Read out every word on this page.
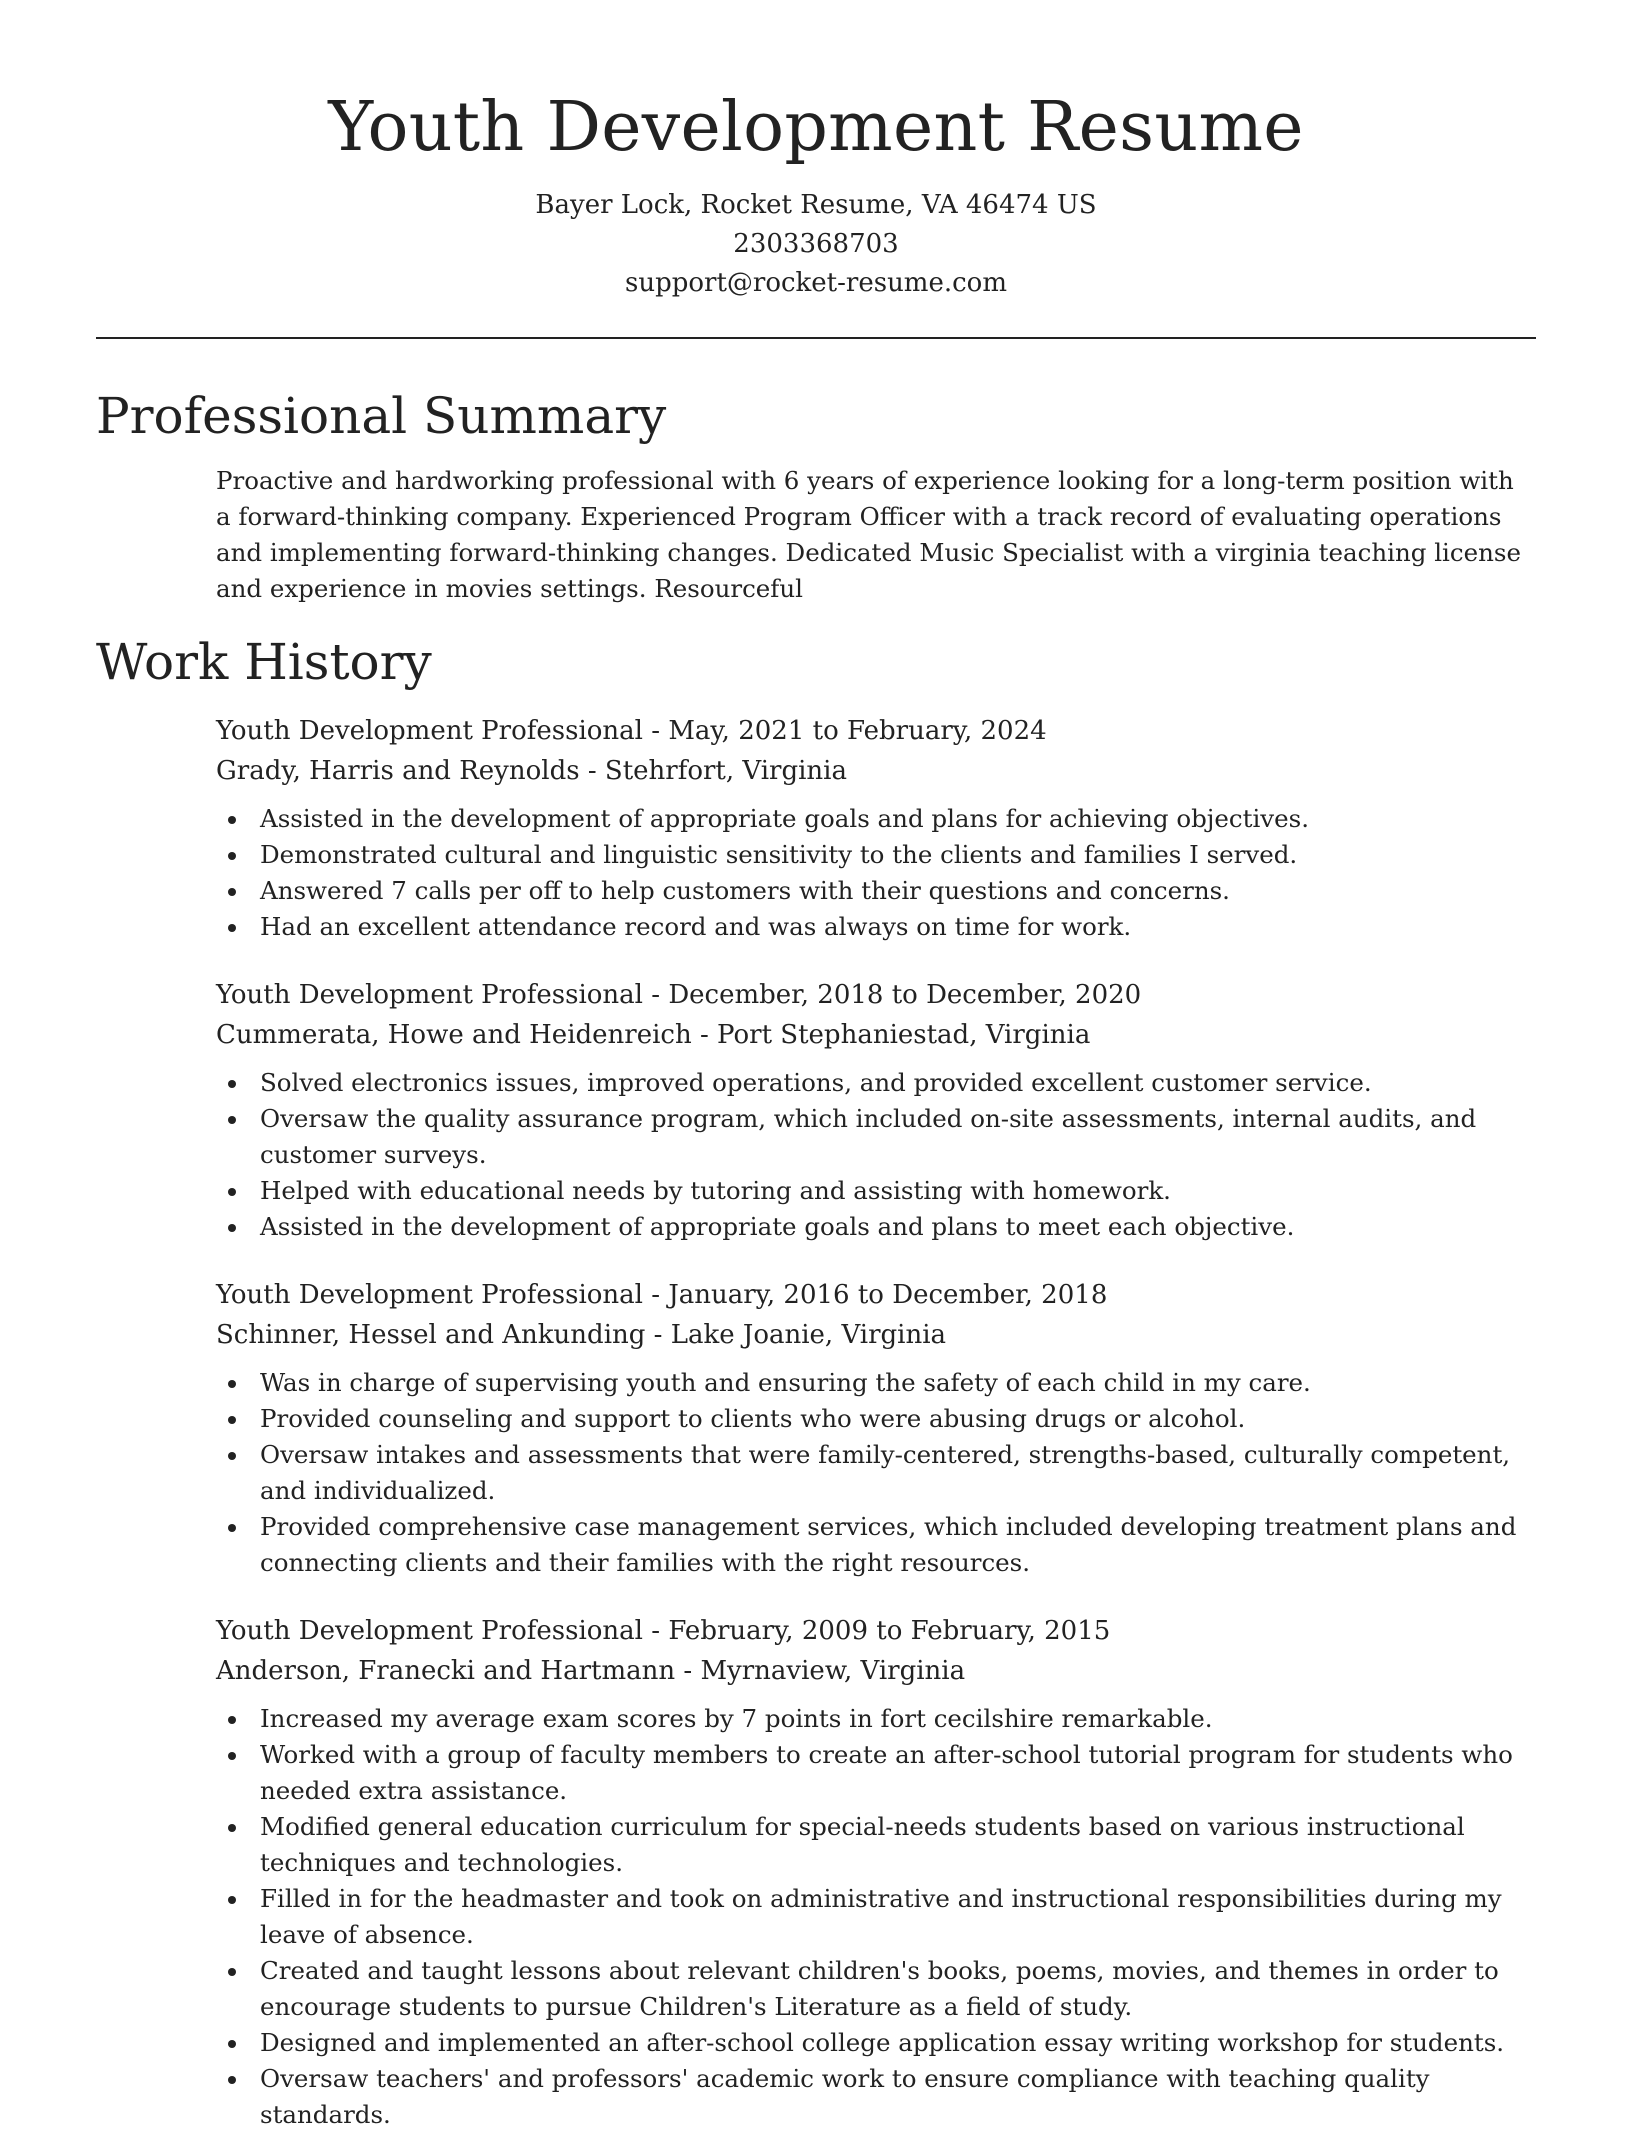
Youth Development Resume
Bayer Lock, Rocket Resume, VA 46474 US
2303368703
support@rocket-resume.com
Professional Summary
Proactive and hardworking professional with 6 years of experience looking for a long-term position with a forward-thinking company. Experienced Program Officer with a track record of evaluating operations and implementing forward-thinking changes. Dedicated Music Specialist with a virginia teaching license and experience in movies settings. Resourceful
Work History
Youth Development Professional - May, 2021 to February, 2024
Grady, Harris and Reynolds - Stehrfort, Virginia
Assisted in the development of appropriate goals and plans for achieving objectives.
Demonstrated cultural and linguistic sensitivity to the clients and families I served.
Answered 7 calls per off to help customers with their questions and concerns.
Had an excellent attendance record and was always on time for work.
Youth Development Professional - December, 2018 to December, 2020
Cummerata, Howe and Heidenreich - Port Stephaniestad, Virginia
Solved electronics issues, improved operations, and provided excellent customer service.
Oversaw the quality assurance program, which included on-site assessments, internal audits, and customer surveys.
Helped with educational needs by tutoring and assisting with homework.
Assisted in the development of appropriate goals and plans to meet each objective.
Youth Development Professional - January, 2016 to December, 2018
Schinner, Hessel and Ankunding - Lake Joanie, Virginia
Was in charge of supervising youth and ensuring the safety of each child in my care.
Provided counseling and support to clients who were abusing drugs or alcohol.
Oversaw intakes and assessments that were family-centered, strengths-based, culturally competent, and individualized.
Provided comprehensive case management services, which included developing treatment plans and connecting clients and their families with the right resources.
Youth Development Professional - February, 2009 to February, 2015
Anderson, Franecki and Hartmann - Myrnaview, Virginia
Increased my average exam scores by 7 points in fort cecilshire remarkable.
Worked with a group of faculty members to create an after-school tutorial program for students who needed extra assistance.
Modified general education curriculum for special-needs students based on various instructional techniques and technologies.
Filled in for the headmaster and took on administrative and instructional responsibilities during my leave of absence.
Created and taught lessons about relevant children's books, poems, movies, and themes in order to encourage students to pursue Children's Literature as a field of study.
Designed and implemented an after-school college application essay writing workshop for students.
Oversaw teachers' and professors' academic work to ensure compliance with teaching quality standards.
